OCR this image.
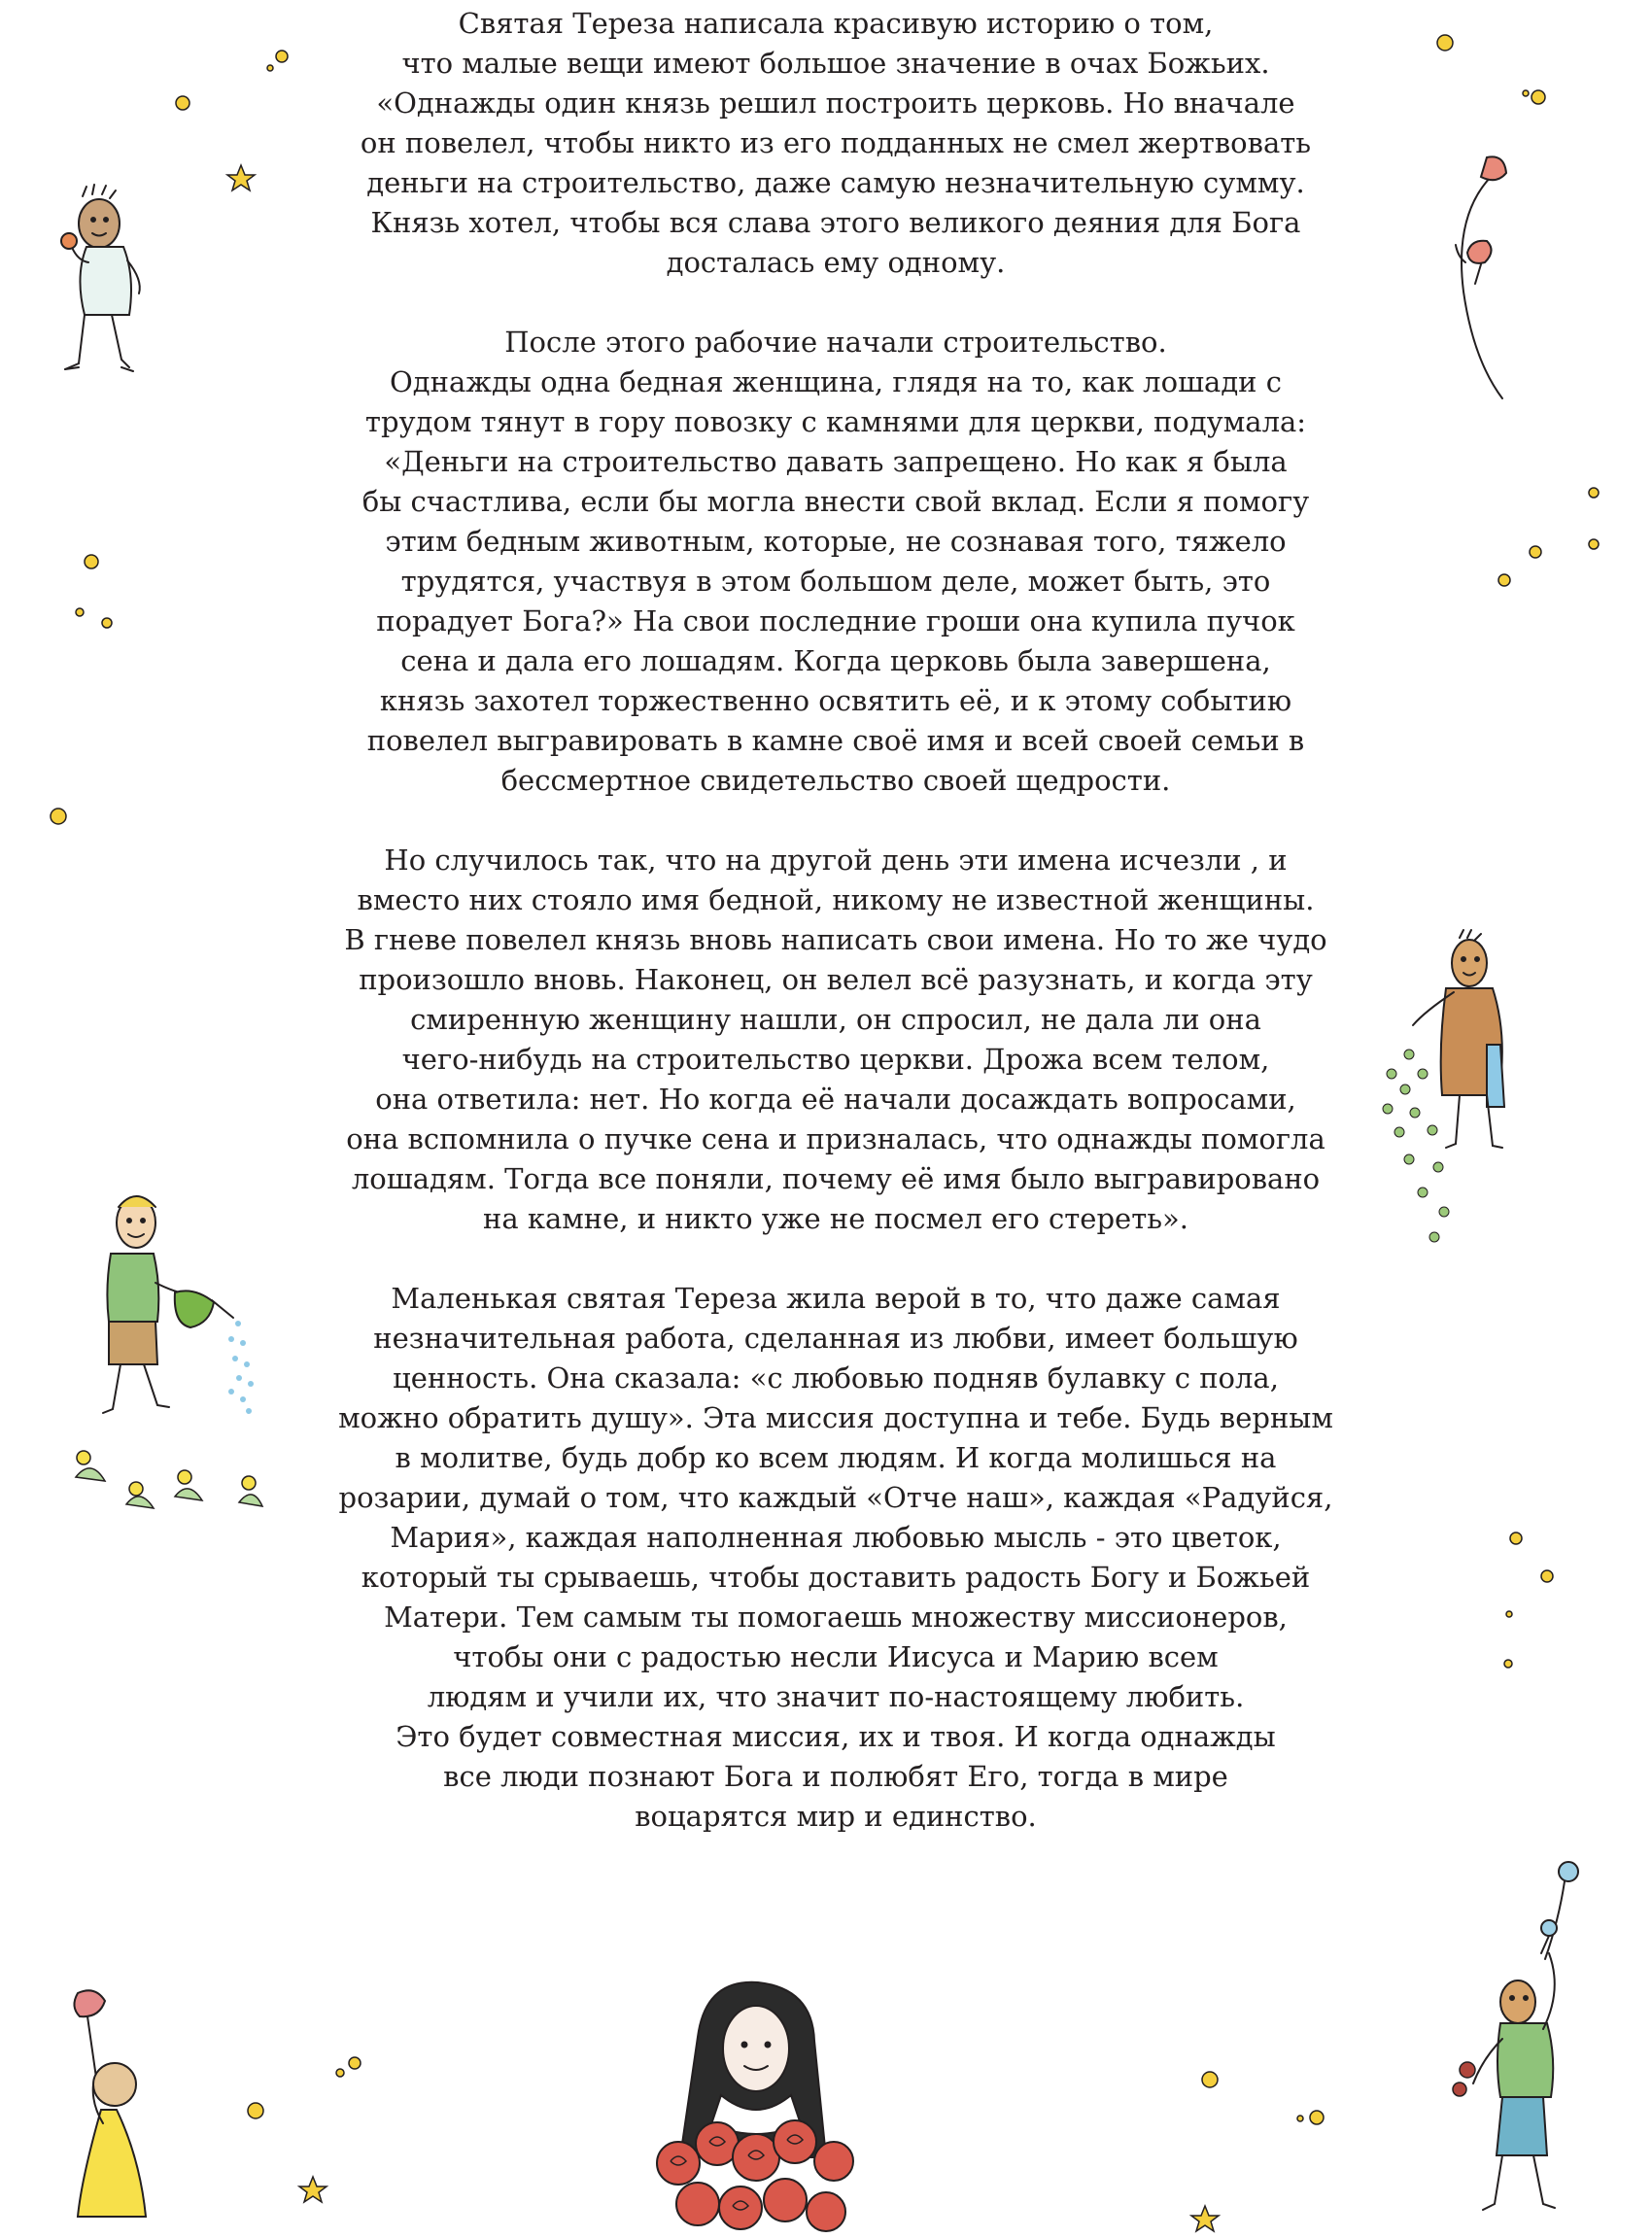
Святая Тереза написала красивую историю о том,
что малые вещи имеют большое значение в очах Божьих.
«Однажды один князь решил построить церковь. Но вначале
он повелел, чтобы никто из его подданных не смел жертвовать
деньги на строительство, даже самую незначительную сумму.
Князь хотел, чтобы вся слава этого великого деяния для Бога
досталась ему одному.
После этого рабочие начали строительство.
Однажды одна бедная женщина, глядя на то, как лошади с
трудом тянут в гору повозку с камнями для церкви, подумала:
«Деньги на строительство давать запрещено. Но как я была
бы счастлива, если бы могла внести свой вклад. Если я помогу
этим бедным животным, которые, не сознавая того, тяжело
трудятся, участвуя в этом большом деле, может быть, это
порадует Бога?» На свои последние гроши она купила пучок
сена и дала его лошадям. Когда церковь была завершена,
князь захотел торжественно освятить её, и к этому событию
повелел выгравировать в камне своё имя и всей своей семьи в
бессмертное свидетельство своей щедрости.
Но случилось так, что на другой день эти имена исчезли , и
вместо них стояло имя бедной, никому не известной женщины.
В гневе повелел князь вновь написать свои имена. Но то же чудо
произошло вновь. Наконец, он велел всё разузнать, и когда эту
смиренную женщину нашли, он спросил, не дала ли она
чего-нибудь на строительство церкви. Дрожа всем телом,
она ответила: нет. Но когда её начали досаждать вопросами,
она вспомнила о пучке сена и призналась, что однажды помогла
лошадям. Тогда все поняли, почему её имя было выгравировано
на камне, и никто уже не посмел его стереть».
Маленькая святая Тереза жила верой в то, что даже самая
незначительная работа, сделанная из любви, имеет большую
ценность. Она сказала: «с любовью подняв булавку с пола,
можно обратить душу». Эта миссия доступна и тебе. Будь верным
в молитве, будь добр ко всем людям. И когда молишься на
розарии, думай о том, что каждый «Отче наш», каждая «Радуйся,
Мария», каждая наполненная любовью мысль - это цветок,
который ты срываешь, чтобы доставить радость Богу и Божьей
Матери. Тем самым ты помогаешь множеству миссионеров,
чтобы они с радостью несли Иисуса и Марию всем
людям и учили их, что значит по-настоящему любить.
Это будет совместная миссия, их и твоя. И когда однажды
все люди познают Бога и полюбят Его, тогда в мире
воцарятся мир и единство.
